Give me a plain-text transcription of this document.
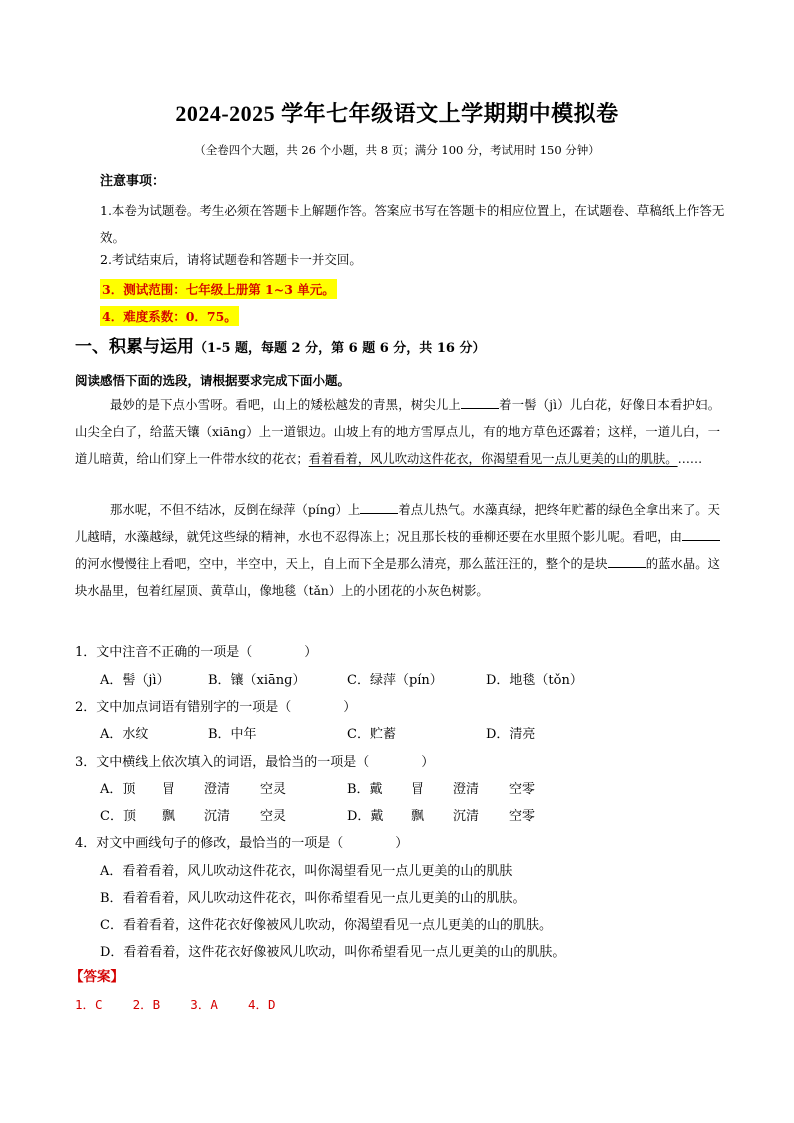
2024-2025 学年七年级语文上学期期中模拟卷
（全卷四个大题，共 26 个小题，共 8 页；满分 100 分，考试用时 150 分钟）
注意事项：
1.本卷为试题卷。考生必须在答题卡上解题作答。答案应书写在答题卡的相应位置上，在试题卷、草稿纸上作答无效。
2.考试结束后，请将试题卷和答题卡一并交回。
3．测试范围：七年级上册第 1~3 单元。
4．难度系数：0．75。
一、积累与运用（1-5 题，每题 2 分，第 6 题 6 分，共 16 分）
阅读感悟下面的选段，请根据要求完成下面小题。
最妙的是下点小雪呀。看吧，山上的矮松越发的青黑，树尖儿上	着一髻（jì）儿白花，好像日本看护妇。山尖全白了，给蓝天镶（xiānɡ）上一道银边。山坡上有的地方雪厚点儿，有的地方草色还露着；这样，一道儿白，一道儿暗黄，给山们穿上一件带水纹的花衣；看着看着，风儿吹动这件花衣，你渴望看见一点儿更美的山的肌肤。……
那水呢，不但不结冰，反倒在绿萍（pínɡ）上	着点儿热气。水藻真绿，把终年贮蓄的绿色全拿出来了。天儿越晴，水藻越绿，就凭这些绿的精神，水也不忍得冻上；况且那长枝的垂柳还要在水里照个影儿呢。看吧，由的河水慢慢往上看吧，空中，半空中，天上，自上而下全是那么清亮，那么蓝汪汪的，整个的是块	的蓝水晶。这块水晶里，包着红屋顶、黄草山，像地毯（tǎn）上的小团花的小灰色树影。
1．文中注音不正确的一项是（　　　　）
A．髻（jì）	B．镶（xiānɡ）	C．绿萍（pín）	D．地毯（tǒn）
2．文中加点词语有错别字的一项是（　　　　）
A．水纹	B．中年	C．贮蓄	D．清亮
3．文中横线上依次填入的词语，最恰当的一项是（　　　　）
A．顶 冒 澄清 空灵	B．戴 冒 澄清 空零
C．顶 飘 沉清 空灵	D．戴 飘 沉清 空零
4．对文中画线句子的修改，最恰当的一项是（　　　　）
A．看着看着，风儿吹动这件花衣，叫你渴望看见一点儿更美的山的肌肤
B．看着看着，风儿吹动这件花衣，叫你希望看见一点儿更美的山的肌肤。
C．看着看着，这件花衣好像被风儿吹动，你渴望看见一点儿更美的山的肌肤。
D．看着看着，这件花衣好像被风儿吹动，叫你希望看见一点儿更美的山的肌肤。
【答案】
1．C    2．B    3．A    4．D
